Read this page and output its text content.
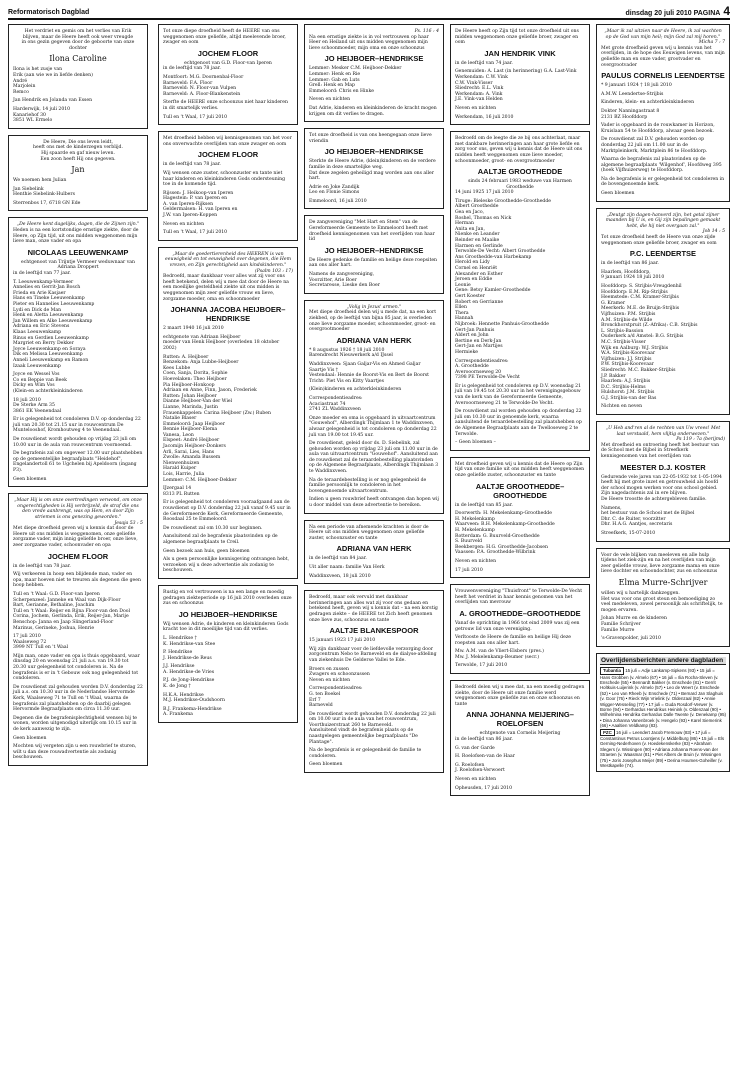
Reformatorisch Dagblad	dinsdag 20 juli 2010 PAGINA 4

Het verdriet en gemis om het verlies van Erik

blijven, maar de Heere heeft ook weer vreugde

in ons gezin gegeven door de geboorte van onze

dochter

Ilona Caroline

Ilona is het zusje van

Erik (aan wie we in liefde denken)

André

Marjolein

Remco

Jan Hendrik en Jolanda van Essen

Harderwijk, 14 juli 2010

Kanariehof 30

3851 WL Ermelo

De Heere, Die ons leven leidt,

heeft ons met de kinderzegen verblijd.

Hij spaarde en gaf nieuw leven.

Een zoon heeft Hij ons gegeven.

Jan

We noemen hem Julian

Jan Siebelink

Henthie Siebelink-Hulbers

Sterrenbos 17, 6718 GN Ede

„De Heere kent dagelijks, dagen, die de Zijnen zijn."

Heden is na een kortstondige ernstige ziekte, door de Heere, op Zijn tijd, uit ons midden weggenomen mijn lieve man, onze vader en opa

NICOLAAS LEEUWENKAMP

echtgenoot van Trijntje Vermeer weduwnaar van Adriana Droppert

in de leeftijd van 77 jaar.

T. Leeuwenkamp-Vermeer

Annelies en Gerrit-Jan Bosch

Frieda en Arie Kasjaer

Hans en Tineke Leeuwenkamp

Pieter en Hannelies Leeuwenkamp

Lydi en Dick de Man

Henk en Aletta Leeuwenkamp

Jan Willem en Alke Leeuwenkamp

Adriana en Eric Stevens

Klaas Leeuwenkamp

Rinus en Gerdien Leeuwenkamp

Margriet en Berry Dekker

Joyce Leeuwenkamp en Soraya

Dik en Melissa Leeuwenkamp

Anneli Leeuwenkamp en Ramon

Izaak Leeuwenkamp

Joyce en Wessel Vos

Co en Beppie van Beek

Dicky en Wim Vos

(Klein-en achterkleinkinderen

18 juli 2010

De Sterke Arm 35

3861 EK Veenendaal

Er is gelegenheid tot condoleren D.V. op donderdag 22 juli van 20.30 tot 21.15 uur in rouwcentrum De Muntelooshof, Kromhoutweg 4 te Veenendaal.

De rouwdienst wordt gehouden op vrijdag 23 juli om 10.00 uur in de aula van rouwcentrum voornoemd.

De begrafenis zal om ongeveer 12.00 uur plaatshebben op de gemeentelijke begraafplaats "Heidehof", Engelandertoll 61 te Ugchelen bij Apeldoorn (ingang P3).

Geen bloemen

„Maar Hij is om onze overtredingen verwond, om onze ongerechtigheden is Hij verbrijzeld, de straf die ons den vrede aanbrengt, was op Hem, en door Zijn striemen is ons genezing geworden."

Jesaja 53 : 5

Met diepe droefheid geven wij u kennis dat door de Heere uit ons midden is weggenomen, onze geliefde zorgzame vader, mijn innig geliefde broer, onze lieve, zeer zorgzame vader, schoonvader en opa

JOCHEM FLOOR

in de leeftijd van 78 jaar.

Wij verkeeren in hoop een blijdende man, vader en opa, maar hoeven niet te treuren als degenen die geen hoop hebben.

Tull en 't Waal: G.D. Floor-van Iperen

Scherpenzeel: Janneke en Waal van Dijk-Floor

Bart, Gerianne, Bethaline, Joachim

Tull en 't Waal: Reijer en Rijna Floor-van den Dool

Corina, Jochem, Gerlinda, Erik, Reijer-Jan, Marije

Benschop: Janna en Jaap Slingerland-Floor

Marinus, Gerineke, Joshua, Henrie

17 juli 2010

Waalseweg 72

3999 NT Tull en 't Waal

Mijn man, onze vader en opa is thuis opgebaard, waar dinsdag 20 en woensdag 21 juli a.s. van 19.30 tot 20.30 uur gelegenheid tot condoleren is. Na de begrafenis is er in 't Gebouw ook nog gelegenheid tot condoleren.

De rouwdienst zal gehouden worden D.V. donderdag 22 juli a.s. om 10.30 uur in de Nederlandse Hervormde Kerk, Waalseweg 71 te Tull en 't Waal, waarna de begrafenis zal plaatshebben op de daarbij gelegen Hervormde Begraafplaats om circa 11.30 uur.

Degenen die de begrafenisplechtigheid wensen bij te wonen, worden uitgenodigd uiterlijk om 10.15 uur in de kerk aanwezig te zijn.

Geen bloemen

Mochten wij vergeten zijn u een rouwbrief te sturen, wilt u dan deze rouwadvertentie als zodanig beschouwen.

Tot onze diepe droefheid heeft de HEERE van ons weggenomen onze geliefde, altijd meelevende broer, zwager en oom

JOCHEM FLOOR

echtgenoot van G.D. Floor-van Iperen

in de leeftijd van 78 jaar.

Montfoort: M.G. Doornenbal-Floor

Barneveld: F.A. Floor

Barneveld: N. Floor-van Vulpen

Barneveld: A. Floor-Blankenstein

Sterfte de HEERE onze schoonzus niet haar kinderen in dit smartelijk verlies.

Tull en 't Waal, 17 juli 2010

Met droefheid hebben wij kennisgenomen van het voor ons onverwachte overlijden van onze zwager en oom

JOCHEM FLOOR

in de leeftijd van 78 jaar.

Wij wensen onze zuster, schoonzuster en tante niet haar kinderen en kleinkinderen Gods ondersteuning toe in de komende tijd.

Rijssen: J. Heikoop-van Iperen

Hagestein: P. van Iperen en

A. van Iperen-Rijksen

Geldermalsen: H. van Iperen en

J.W. van Iperen-Koppen

Neven en nichten

Tull en 't Waal, 17 juli 2010

„Maar de goedertierenheid des HEEREN is van eeuwigheid en tot eeuwigheid over degenen, die Hem vrezen, en Zijn gerechtigheid aan kindskinderen."

(Psalm 103 : 17)

Bedroefd, maar dankbaar voor alles wat zij voor ons heeft betekend, delen wij u mee dat door de Heere na een moeilijke gesteldheid ziekte uit ons midden is weggenomen mijn zeer geliefde vrouw en lieve, zorgzame moeder, oma en schoonmoeder

JOHANNA JACOBA HEIJBOER–HENDRIKSE

2 maart 1940 16 juli 2010

echtgenote van Adriaan Heijboer

moeder van Henk Heijboer (overleden 18 oktober 2002)

Rutten: A. Heijboer

Benzekom: Anja Lubbe-Heijboer

Kees Lubbe

Coen, Sanja, Dorita, Sophie

Hoevelaken: Theo Heijboer

Pia Heijboer-Honkoop

Adriaan en Anne, Finn, Jason, Frederiek

Rutten: Johan Heijboer

Dianne Heijboer-Van der Wiel

Lianne, Marinda, Justin

Frauenkappelen: Carina Heijboer (Zw.) Ruben

Natalie Blaser

Emmeloord: Jaap Heijboer

Bennie Heijboer-Elema

Vanesa, Leon

Elspeet: André Heijboer

Jacomijn Heijboer-Donkers

Arli, Sarai, Lies, Hans

Zwolle: Amanda Bussem

Nienwenhuizen

Harald Kuiper

Lois, Harrie, Julia

Lemmer: C.M. Heijboer-Dekker

IJzergaal 14

8313 PL Rutten

Er is gelegenheid tot condoleren vooraafgaand aan de rouwdienst op D.V. donderdag 22 juli vanaf 9.45 uur in de Gereformeerde Kerk, Gereformeerde Gemeente, Roosdaal 25 te Emmeloord.

De rouwdienst zal om 10.30 uur beginnen.

Aansluitend zal de begrafenis plaatsvinden op de algemene begraafplaats te Creil.

Geen bezoek aan huis, geen bloemen

Als u geen persoonlijke kennisgeving ontvangen hebt, verzoeken wij u deze advertentie als zodanig te beschouwen.

Rustig en vol vertrouwen is na een lange en moedig gedragen ziekteperiode op 16 juli 2010 overleden onze zus en schoonzus

JO HEIJBOER–HENDRIKSE

Wij wensen Adrie, de kinderen en kleinkinderen Gods kracht toe in dit moeilijke tijd van dit verlies.

L. Hendrikse †

K. Hendrikse-van Stee

P. Hendrikse

J. Hendrikse-de Reus

J.J. Hendrikse

A. Hendrikse-de Vries

P.J. de Jong-Hendrikse

K. de Jong †

H.K.A. Hendrikse

M.J. Hendrikse-Oudshoorn

B.J. Frankema-Hendrikse

A. Frankema

Ps. 116 : 4

Na een ernstige ziekte is in vol vertrouwen op haar Heer en Heiland uit ons midden weggenomen mijn lieve schoonmoeder, mijn oma en onze schoonzus

JO HEIJBOER–HENDRIKSE

Lemmer: Mesker C.M. Heijboer-Dekker

Lemmer: Henk en Rie

Lemmer: Gab en Luts

Grell: Henk en Map

Emmeloord: Chris en Hinke

Neven en nichten

Dat Adrie, kinderen en kleinkinderen de kracht mogen krijgen om dit verlies te dragen.

Tot onze droefheid is van ons heengegaan onze lieve vriendin

JO HEIJBOER–HENDRIKSE

Sterkte de Heere Adrie, (klein)kinderen en de verdere familie in deze smartelijke weg.

Dat deze zegelen geheiligd mag worden aan ons aller hart.

Adrie en Joke Zandijk

Leo en Flonie Simons

Emmeloord, 16 juli 2010

De zangvereniging "Met Hart en Stem" van de Gereformeerde Gemeente te Emmeloord heeft met droefheid kennisgenomen van het overlijden van haar lid

JO HEIJBOER–HENDRIKSE

De Heere gedenke de familie en heilige deze roepsiten aan ons aller hart.

Namens de zangvereniging,

Voorzitter, Arie Boer

Secretaresse, Lieske den Boer

„Volig in Jezus' armen."

Met diepe droefheid delen wij u mede dat, na een kort ziekbed, op de leeftijd van bijna 85 jaar, is overleden onze lieve zorgzame moeder, schoonmoeder, groot- en overgrootmoeder

ADRIANA VAN HERK

* 8 augustus 1926 † 18 juli 2010

Barendrecht Nieuwerkerk a/d IJssel

Waddinxveen: Sjaan Galjar-Vis en Ahmed Galjar

Saartje Vis †

Vestendaal: Hennie de Boorst-Vis en Bert de Boorst

Tricht: Piet Vis en Kitty Vaartjes

(Klein)kinderen en achterkleinkinderen

Correspondentieadres:

Acaciastraat 74

2741 ZL Waddinxveen

Onze moeder en oma is opgebaard in uitvaartcentrum "Gouwehof", Alberdingk Thijmlaan 1 te Waddinxveen, alwaar gelegenheid is tot condoleren op donderdag 22 juli van 19.00 tot 19.45 uur.

De rouwdienst, geleid door ds. D. Siebelink, zal gehouden worden op vrijdag 23 juli om 11.00 uur in de aula van uitvaartcentrum "Gouwehof". Aansluitend aan de rouwdienst zal de teraardebestelling plaatsvinden op de Algemene Begraafplaats, Alberdingk Thijmlaan 3 te Waddinxveen.

Na de teraardebestelling is er nog gelegenheid de familie persoonlijk te condoleren in het bovengenoemde uitvaartcentrum.

Indien u geen rouwbrief heeft ontvangen dan hopen wij u door middel van deze advertentie te bereiken.

Na een periode van afnemende krachten is door de Heere uit ons midden weggenomen onze geliefde zuster, schoonzuster en tante

ADRIANA VAN HERK

in de leeftijd van 84 jaar.

Uit aller naam: familie Van Herk

Waddinxveen, 18 juli 2010

Bedroefd, maar ook vervuld met dankbaar herinneringen aan alles wat zij voor ons gedaan en betekend heeft, geven wij u kennis dat – na een korstig gedragen ziekte – de HEERE tot Zich heeft genomen onze lieve zus, schoonzus en tante

AALTJE BLANKESPOOR

15 januari 1923 17 juli 2010

Wij zijn dankbaar voor de liefdevolle verzorging door zorgcentrum Nebo te Barneveld en de dialyse-afdeling van ziekenhuis De Gelderse Vallei te Ede.

Broers en zussen

Zwagers en schoonzussen

Neven en nichten

Correspondentieadres:

G. ten Boekel

Erf 7

Barneveld

De rouwdienst wordt gehouden D.V. donderdag 22 juli om 10.00 uur in de aula van het rouwcentrum, Voorthuizerstraat 260 te Barneveld.

Aansluitend vindt de begrafenis plaats op de naastgelegen gemeentelijke begraafplaats "De Plantage".

Na de begrafenis is er gelegenheid de familie te condoleren.

Geen bloemen

De Heere heeft op Zijn tijd tot onze droefheid uit ons midden weggenomen onze geliefde broer, zwager en oom

JAN HENDRIK VINK

in de leeftijd van 74 jaar.

Genemuiden: A. Last (in herinnering) G.A. Last-Vink

Werkendam: C.W. Vink

C.W. Vink-Visser

Sliedrecht: E.L. Vink

Werkendam: A. Vink

J.E. Vink-van Helden

Neven en nichten

Werkendam, 16 juli 2010

Bedroefd om de leegte die ze bij ons achterlaat, maar met dankbare herinneringen aan haar grote liefde en zorg voor ons, geven wij u kennis dat de Heere uit ons midden heeft weggenomen onze lieve moeder, schoonmoeder, groot- en overgrootmoeder

AALTJE GROOTHEDDE

sinds 24 februari 1983 weduwe van Harmen Groothedde

14 juni 1925 17 juli 2010

Tiruge: Bieleske Groothedde-Groothedde

Albert Groothedde

Gea en Jaco,

Roshel, Thomas en Nick

Herman

Anita en Jan,

Nienke en Leander

Reinder en Maaike

Harmen en Gerlinde

Terwolde-De Vecht: Albert Groothedde

Ans Groothedde-van Harbekamp

Herold en Lidy

Cornel en Henriët

Alexander en Esther

Jeroen en Eddie

Leonie

Gene: Betsy Kamler-Groothedde

Gert Koester

Robert en Gerrianne

Ellen

Thera

Hannah

Nijbroek: Hennette Panhuis-Groothedde

Gert-Jan Panhuis

Aldert en John

Bertine en Derk-Jan

Gert-Jan en Martijes

Hermieke

Correspondentieadres:

A. Groothedde

Averooornseweg 20

7398 PE Terwolde-De Vecht

Er is gelegenheid tot condoleren op D.V. woensdag 21 juli van 19.45 tot 20.30 uur in het verenigingsgebouw van de kerk van de Gereformeerde Gemeente, Averooornseweg 21 te Terwolde-De Vecht.

De rouwdienst zal worden gehouden op donderdag 22 juli om 10.30 uur in genoemde kerk, waarna aansluitend de teraardebestelling zal plaatshebben op de Algemene Begraafplaats aan de Twelloseweg 2 te Terwolde.

– Geen bloemen –

Met droefheid geven wij u kennis dat de Heere op Zijn tijd van onze familie uit ons midden heeft weggenomen onze geliefde zuster, schoonzuster en tante

AALTJE GROOTHEDDE–GROOTHEDDE

in de leeftijd van 85 jaar.

Doorwerth: H. Mekelenkamp-Groothedde

H. Mekelenkamp

Waarveen: B.H. Mekelenkamp-Groothedde

H. Mekelenkamp

Rotterdam: G. Buurveld-Groothedde

S. Buurveld

Beekbergen: H.G. Groothedde-Jacobsen

Vaassen: P.A. Groothedde-Wilbrink

Neven en nichten

17 juli 2010

Vrouwenvereniging "Thuisfront" te Terwolde-De Vecht heeft het verdriet in haar kennis genomen van het overlijden van mevrouw

A. GROOTHEDDE–GROOTHEDDE

Vanaf de oprichting in 1966 tot eind 2009 was zij een getrouw lid van onze vereniging.

Verltooste de Heere de familie en heilige Hij deze roepsten aan ons aller hart.

Mw. A.M. van de Vliert-Elsbers (pres.)

Mw. J. Mekelenkamp-Beumer (secr.)

Terwolde, 17 juli 2010

Bedroefd delen wij u mee dat, na een moedig gedragen ziekte, door de Heere uit onze familie werd weggenomen onze geliefde zus en onze schoonzus en tante

ANNA JOHANNA MEIJERING–ROELOFSEN

echtgenote van Cornelis Meijering

in de leeftijd van 86 jaar.

G. van der Garde

H. Roelofsen-van de Haar

G. Roelofsen

J. Roelofsen-Verwoert

Neven en nichten

Opheusden, 17 juli 2010

„Maar ik zal uitzien naar de Heere, ik zal wachten op de God van mijn heil; mijn God zal mij horen."

Micha 7 : 7

Met grote droefheid geven wij u kennis van het overlijden, in de hope des Eeuwigen levens, van mijn geliefde man en onze vader, grootvader en overgrootvader

PAULUS CORNELIS LEENDERTSE

* 9 januari 1924 † 18 juli 2010

A.M.W. Leendertse-Strijbis

Kinderen, klein- en achterkleinkinderen

Dokter Nanningastraat 8

2131 BZ Hoofddorp

Vader is opgebaard in de rouwkamer in Horizon, Kruislaan 54 te Hoofddorp, alwaar geen bezoek.

De rouwdienst zal D.V. gehouden worden op donderdag 22 juli om 11.00 uur in de Marktpleinkerk, Marktplein 86 te Hoofddorp.

Waarna de begrafenis zal plaatsvinden op de algemene begraafplaats 'Wilgenhof', Hoofdweg 395 (hoek Vijfhuizerweg) te Hoofddorp.

Na de begrafenis is er gelegenheid tot condoleren in de bovengenoemde kerk.

Geen bloemen

„Deutgt zijn dagen-hanverd zijn, het getal zijner maanden bij U is, en Gij zijn bepalingen gemaakt hebt, die hij niet overgaan zal."

Job 14 : 5

Tot onze droefheid heeft de Heere van onze zijde weggenomen onze geliefde broer, zwager en oom

P.C. LEENDERTSE

in de leeftijd van 86 jaar.

Haarlem, Hoofddorp,

9 januari 1924 18 juli 2010

Hoofddorp: S. Strijbis-Vreugdenhil

Hoofddorp: E.M. Rip-Strijbis

Heemstede: C.M. Kramer-Strijbis

G. Kramer

Meerkerk: M.E. de Bruijn-Strijbis

Vijfhuizen: P.M. Strijbis

A.M. Strijbis-de Wilde

Bronckhorstpruit (Z.-Afrika): C.B. Strijbis

L. Strijbis-Bassion

Ouderkerk a/d Amstel: B.G. Strijbis

M.C. Strijbis-Visser

Wijk en Aalburg: W.J. Strijbis

W.A. Strijbis-Koorevaar

Vijfhuizen: J.J. Strijbis

P.W. Strijbis-Koorevaar

Sliedrecht: M.C. Bakker-Strijbis

J.P. Bakker

Haarlem: A.J. Strijbis

D.C. Strijbis-Helms

Hulshorst: J.M. Strijbis

G.J. Strijbis-van der Bas

Nichten en neven

„U Heb and'ren al de rechten van Uw vrees! Met laat verstaald, hem vlijtig onderwezen."

Ps 119 : 7a (berijmd)

Met droefheid en ontroering heeft het bestuur van de School met de Bijbel in Streefkerk kennisgenomen van het overlijden van

MEESTER D.J. KOSTER

Gedurende vele jaren van 22-05-1932 tot 1-05-1994 heeft hij met grote inzet en getrouwheid als hoofd der school mogen werken voor ons school gebied.

Zijn nagedachtenis zal in ere blijven.

De Heere troostte de achtergebleven familie.

Namens,

het bestuur van de School met de Bijbel

Dhr. C. de Ruiter, voorzitter

Dhr. H.A.G. Aantjes, secretaris

Streefkerk, 15-07-2010

Voor de vele blijken van meeleven en alle hulp tijdens het ziek-zijn en na het overlijden van mijn zeer geliefde vrouw, lieve zorgzame mama en onze lieve dochter en schoondochter, zus en schoonzus

Elma Murre-Schrijver

willen wij u hartelijk dankzeggen.

Het was voor ons groot steun en bemoediging zo veel medeleven, zowel persoonlijk als schriftelijk, te mogen ervaren.

Johan Murre en de kinderen

Familie Schrijver

Familie Murre

's-Gravenpolder, juli 2010

Overlijdensberichten andere dagbladen

Tubantia 15 juli = Adje Lankamp-Sipkens (93) • 15 juli = Hans Grobben (v. Almelo (67) • 16 juli = Ilia Rocha-Sleven (v. Enschede (55) • Bennardt Bakker (v. Enschede (81) • Gerrit Holtkuis-Luijerink (v. Almelo (57) • Leo de Weert (v. Enschede (52) • Leo van Rheeb (v. Enschede (71) • Bernard Jan Slaghuis (v. Goor (76) • Rieck Wijn Vrielink (v. Oldenzaal (82) • Annie Wigger-Wesseling (77) • 17 juli = Guda Rosdorf-Verwer (v. Borne (94) • Gerhardus Hendrikus Heinink (v. Oldenzaal (90) • Wilhelmina Hendrika Gerhardus Dalle Twente (v. Denekamp (95) • Dina Johanna Vanenbroek (v. Hengelo (93) • Karel Siemerink (66) • Aaaltien Veldkamp (83).

PZC 16 juli = Leendert Jacob Fremouw (83) • 17 juli = Constantinus Petrus Loontjens (v. Middelburg (86) • 15 juli = Els Gerning-Nederhoven (v. Hoedekenskerke (83) • Abraham Slegers (v. Wissingen (90) • Adriana Johanna Roens-van der Straeten (v. Waasmar (81) • Piet Albers de Bruin (v. Wissingen (75) • Joris Josephus Meijer (89) • Derina Houmes-Goheiller (v. Westkapelle (74).
